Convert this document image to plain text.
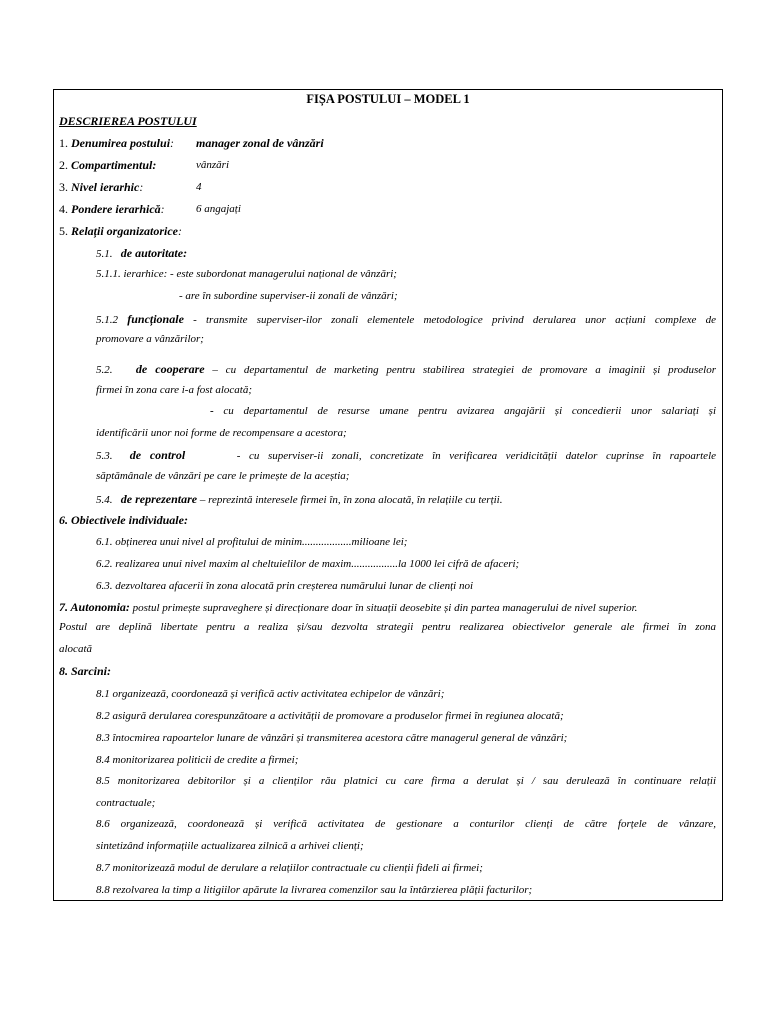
FIȘA POSTULUI – MODEL 1
DESCRIEREA POSTULUI
1. Denumirea postului: manager zonal de vânzări
2. Compartimentul:	vânzări
3. Nivel ierarhic:	4
4. Pondere ierarhică:	6 angajați
5. Relații organizatorice:
5.1. de autoritate:
5.1.1. ierarhice: - este subordonat managerului național de vânzări;
- are în subordine superviser-ii zonali de vânzări;
5.1.2 funcționale - transmite superviser-ilor zonali elementele metodologice privind derularea unor acțiuni complexe de
promovare a vânzărilor;
5.2. de cooperare – cu departamentul de marketing pentru stabilirea strategiei de promovare a imaginii și produselor
firmei în zona care i-a fost alocată;
- cu departamentul de resurse umane pentru avizarea angajării și concedierii unor salariați și
identificării unor noi forme de recompensare a acestora;
5.3. de control	- cu superviser-ii zonali, concretizate în verificarea veridicității datelor cuprinse în rapoartele
săptămânale de vânzări pe care le primește de la aceștia;
5.4. de reprezentare – reprezintă interesele firmei în, în zona alocată, în relațiile cu terții.
6. Obiectivele individuale:
6.1. obținerea unui nivel al profitului de minim..................milioane lei;
6.2. realizarea unui nivel maxim al cheltuielilor de maxim.................la 1000 lei cifră de afaceri;
6.3. dezvoltarea afacerii în zona alocată prin creșterea numărului lunar de clienți noi
7. Autonomia: postul primește supraveghere și direcționare doar în situații deosebite și din partea managerului de nivel superior.
Postul are deplină libertate pentru a realiza și/sau dezvolta strategii pentru realizarea obiectivelor generale ale firmei în zona
alocată
8. Sarcini:
8.1 organizează, coordonează și verifică activ activitatea echipelor de vânzări;
8.2 asigură derularea corespunzătoare a activității de promovare a produselor firmei în regiunea alocată;
8.3 întocmirea rapoartelor lunare de vânzări și transmiterea acestora către managerul general de vânzări;
8.4 monitorizarea politicii de credite a firmei;
8.5 monitorizarea debitorilor și a clienților rău platnici cu care firma a derulat și / sau derulează în continuare relații
contractuale;
8.6 organizează, coordonează și verifică activitatea de gestionare a conturilor clienți de către forțele de vânzare,
sintetizând informațiile actualizarea zilnică a arhivei clienți;
8.7 monitorizează modul de derulare a relațiilor contractuale cu clienții fideli ai firmei;
8.8 rezolvarea la timp a litigiilor apărute la livrarea comenzilor sau la întârzierea plății facturilor;
